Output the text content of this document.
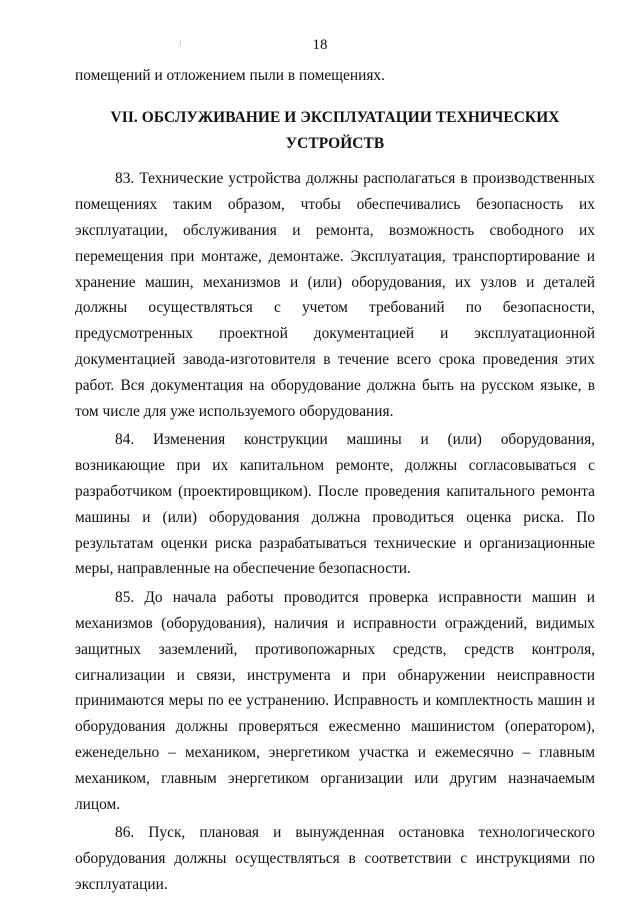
18

помещений и отложением пыли в помещениях.

VII. ОБСЛУЖИВАНИЕ И ЭКСПЛУАТАЦИИ ТЕХНИЧЕСКИХ УСТРОЙСТВ

83. Технические устройства должны располагаться в производственных помещениях таким образом, чтобы обеспечивались безопасность их эксплуатации, обслуживания и ремонта, возможность свободного их перемещения при монтаже, демонтаже. Эксплуатация, транспортирование и хранение машин, механизмов и (или) оборудования, их узлов и деталей должны осуществляться с учетом требований по безопасности, предусмотренных проектной документацией и эксплуатационной документацией завода-изготовителя в течение всего срока проведения этих работ. Вся документация на оборудование должна быть на русском языке, в том числе для уже используемого оборудования.

84. Изменения конструкции машины и (или) оборудования, возникающие при их капитальном ремонте, должны согласовываться с разработчиком (проектировщиком). После проведения капитального ремонта машины и (или) оборудования должна проводиться оценка риска. По результатам оценки риска разрабатываться технические и организационные меры, направленные на обеспечение безопасности.

85. До начала работы проводится проверка исправности машин и механизмов (оборудования), наличия и исправности ограждений, видимых защитных заземлений, противопожарных средств, средств контроля, сигнализации и связи, инструмента и при обнаружении неисправности принимаются меры по ее устранению. Исправность и комплектность машин и оборудования должны проверяться ежесменно машинистом (оператором), еженедельно – механиком, энергетиком участка и ежемесячно – главным механиком, главным энергетиком организации или другим назначаемым лицом.

86. Пуск, плановая и вынужденная остановка технологического оборудования должны осуществляться в соответствии с инструкциями по эксплуатации.
